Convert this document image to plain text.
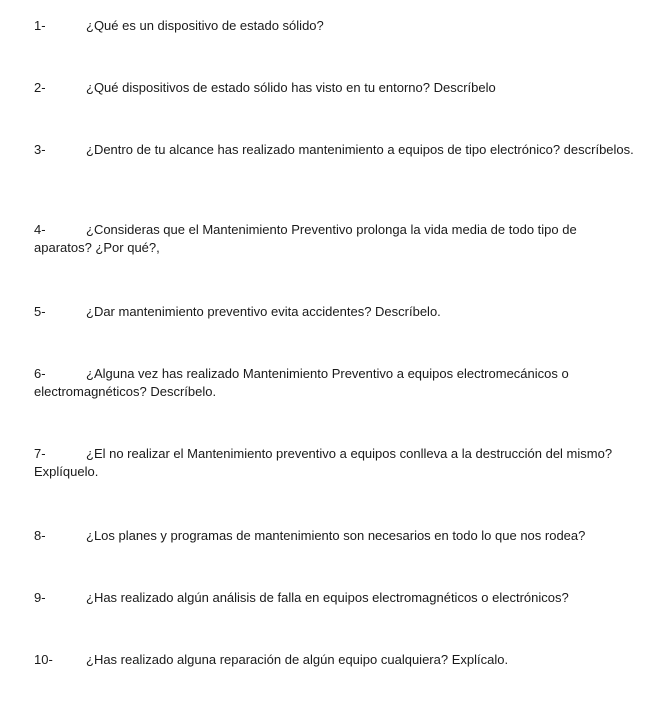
1-	¿Qué es un dispositivo de estado sólido?

2-	¿Qué dispositivos de estado sólido has visto en tu entorno? Descríbelo

3-	¿Dentro de tu alcance has realizado mantenimiento a equipos de tipo electrónico? descríbelos.

4-	¿Consideras que el Mantenimiento Preventivo prolonga la vida media de todo tipo de aparatos? ¿Por qué?,

5-	¿Dar mantenimiento preventivo evita accidentes? Descríbelo.

6-	¿Alguna vez has realizado Mantenimiento Preventivo a equipos electromecánicos o electromagnéticos? Descríbelo.

7-	¿El no realizar el Mantenimiento preventivo a equipos conlleva a la destrucción del mismo? Explíquelo.

8-	¿Los planes y programas de mantenimiento son necesarios en todo lo que nos rodea?

9-	¿Has realizado algún análisis de falla en equipos electromagnéticos o electrónicos?

10-	¿Has realizado alguna reparación de algún equipo cualquiera? Explícalo.
